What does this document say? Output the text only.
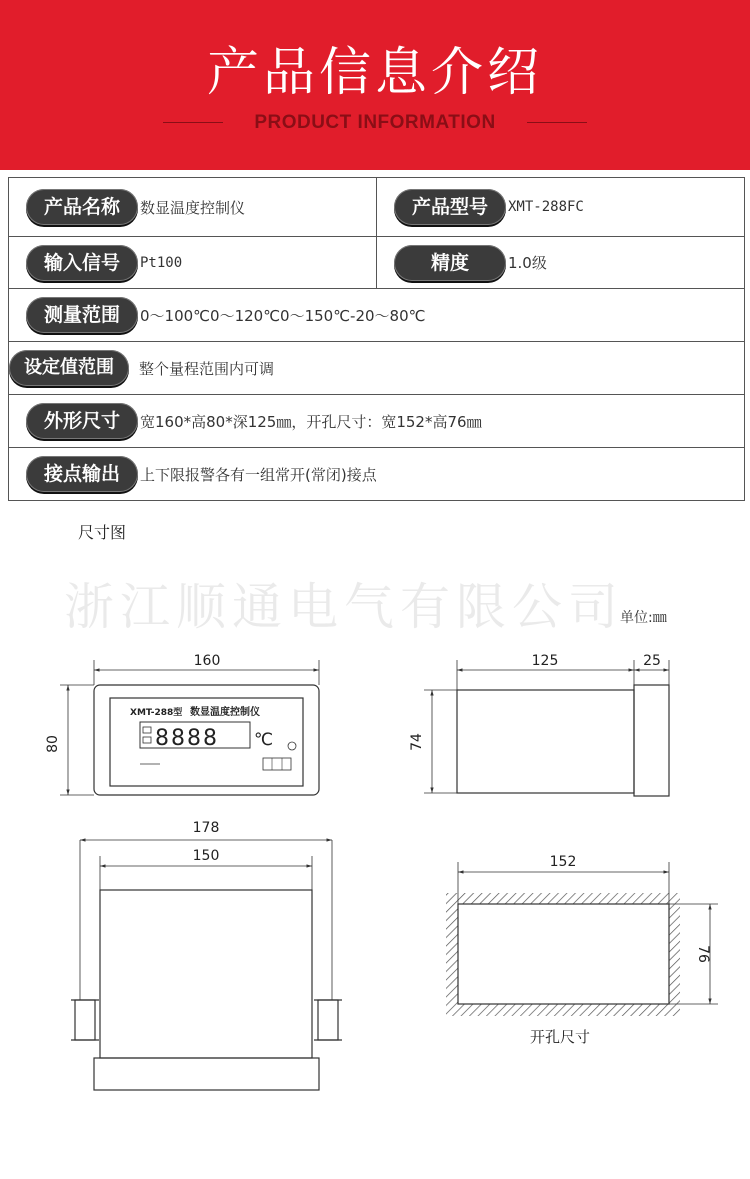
产品信息介绍
PRODUCT INFORMATION
产品名称	数显温度控制仪	产品型号	XMT-288FC
输入信号	Pt100	精度	1.0级
测量范围	0～100℃0～120℃0～150℃-20～80℃
设定值范围	整个量程范围内可调
外形尺寸	宽160*高80*深125㎜，开孔尺寸：宽152*高76㎜
接点输出	上下限报警各有一组常开(常闭)接点
尺寸图
浙江顺通电气有限公司
单位:㎜
160
80
XMT-288型 数显温度控制仪
8888 ℃
125	25
74
178
150	152
76
开孔尺寸
